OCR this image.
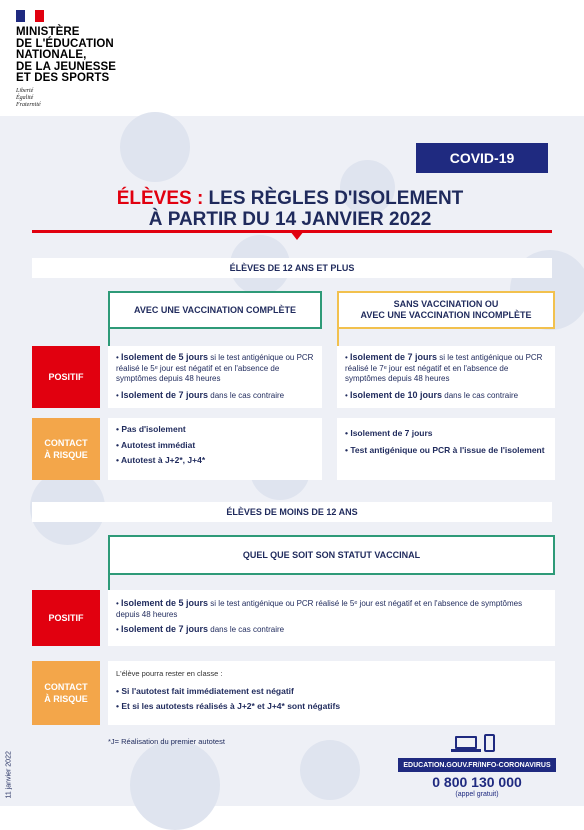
MINISTÈRE
DE L'ÉDUCATION
NATIONALE,
DE LA JEUNESSE
ET DES SPORTS
Liberté
Égalité
Fraternité
COVID-19
ÉLÈVES : LES RÈGLES D'ISOLEMENT
À PARTIR DU 14 JANVIER 2022
ÉLÈVES DE 12 ANS ET PLUS
AVEC UNE VACCINATION COMPLÈTE
SANS VACCINATION OU
AVEC UNE VACCINATION INCOMPLÈTE
POSITIF
• Isolement de 5 jours si le test antigénique ou PCR réalisé le 5ᵉ jour est négatif et en l'absence de symptômes depuis 48 heures
• Isolement de 7 jours dans le cas contraire
• Isolement de 7 jours si le test antigénique ou PCR réalisé le 7ᵉ jour est négatif et en l'absence de symptômes depuis 48 heures
• Isolement de 10 jours dans le cas contraire
CONTACT
À RISQUE
• Pas d'isolement
• Autotest immédiat
• Autotest à J+2*, J+4*
• Isolement de 7 jours
• Test antigénique ou PCR à l'issue de l'isolement
ÉLÈVES DE MOINS DE 12 ANS
QUEL QUE SOIT SON STATUT VACCINAL
POSITIF
• Isolement de 5 jours si le test antigénique ou PCR réalisé le 5ᵉ jour est négatif et en l'absence de symptômes depuis 48 heures
• Isolement de 7 jours dans le cas contraire
CONTACT
À RISQUE
L'élève pourra rester en classe :
• Si l'autotest fait immédiatement est négatif
• Et si les autotests réalisés à J+2* et J+4* sont négatifs
*J= Réalisation du premier autotest
11 janvier 2022	EDUCATION.GOUV.FR/INFO-CORONAVIRUS
0 800 130 000
(appel gratuit)
